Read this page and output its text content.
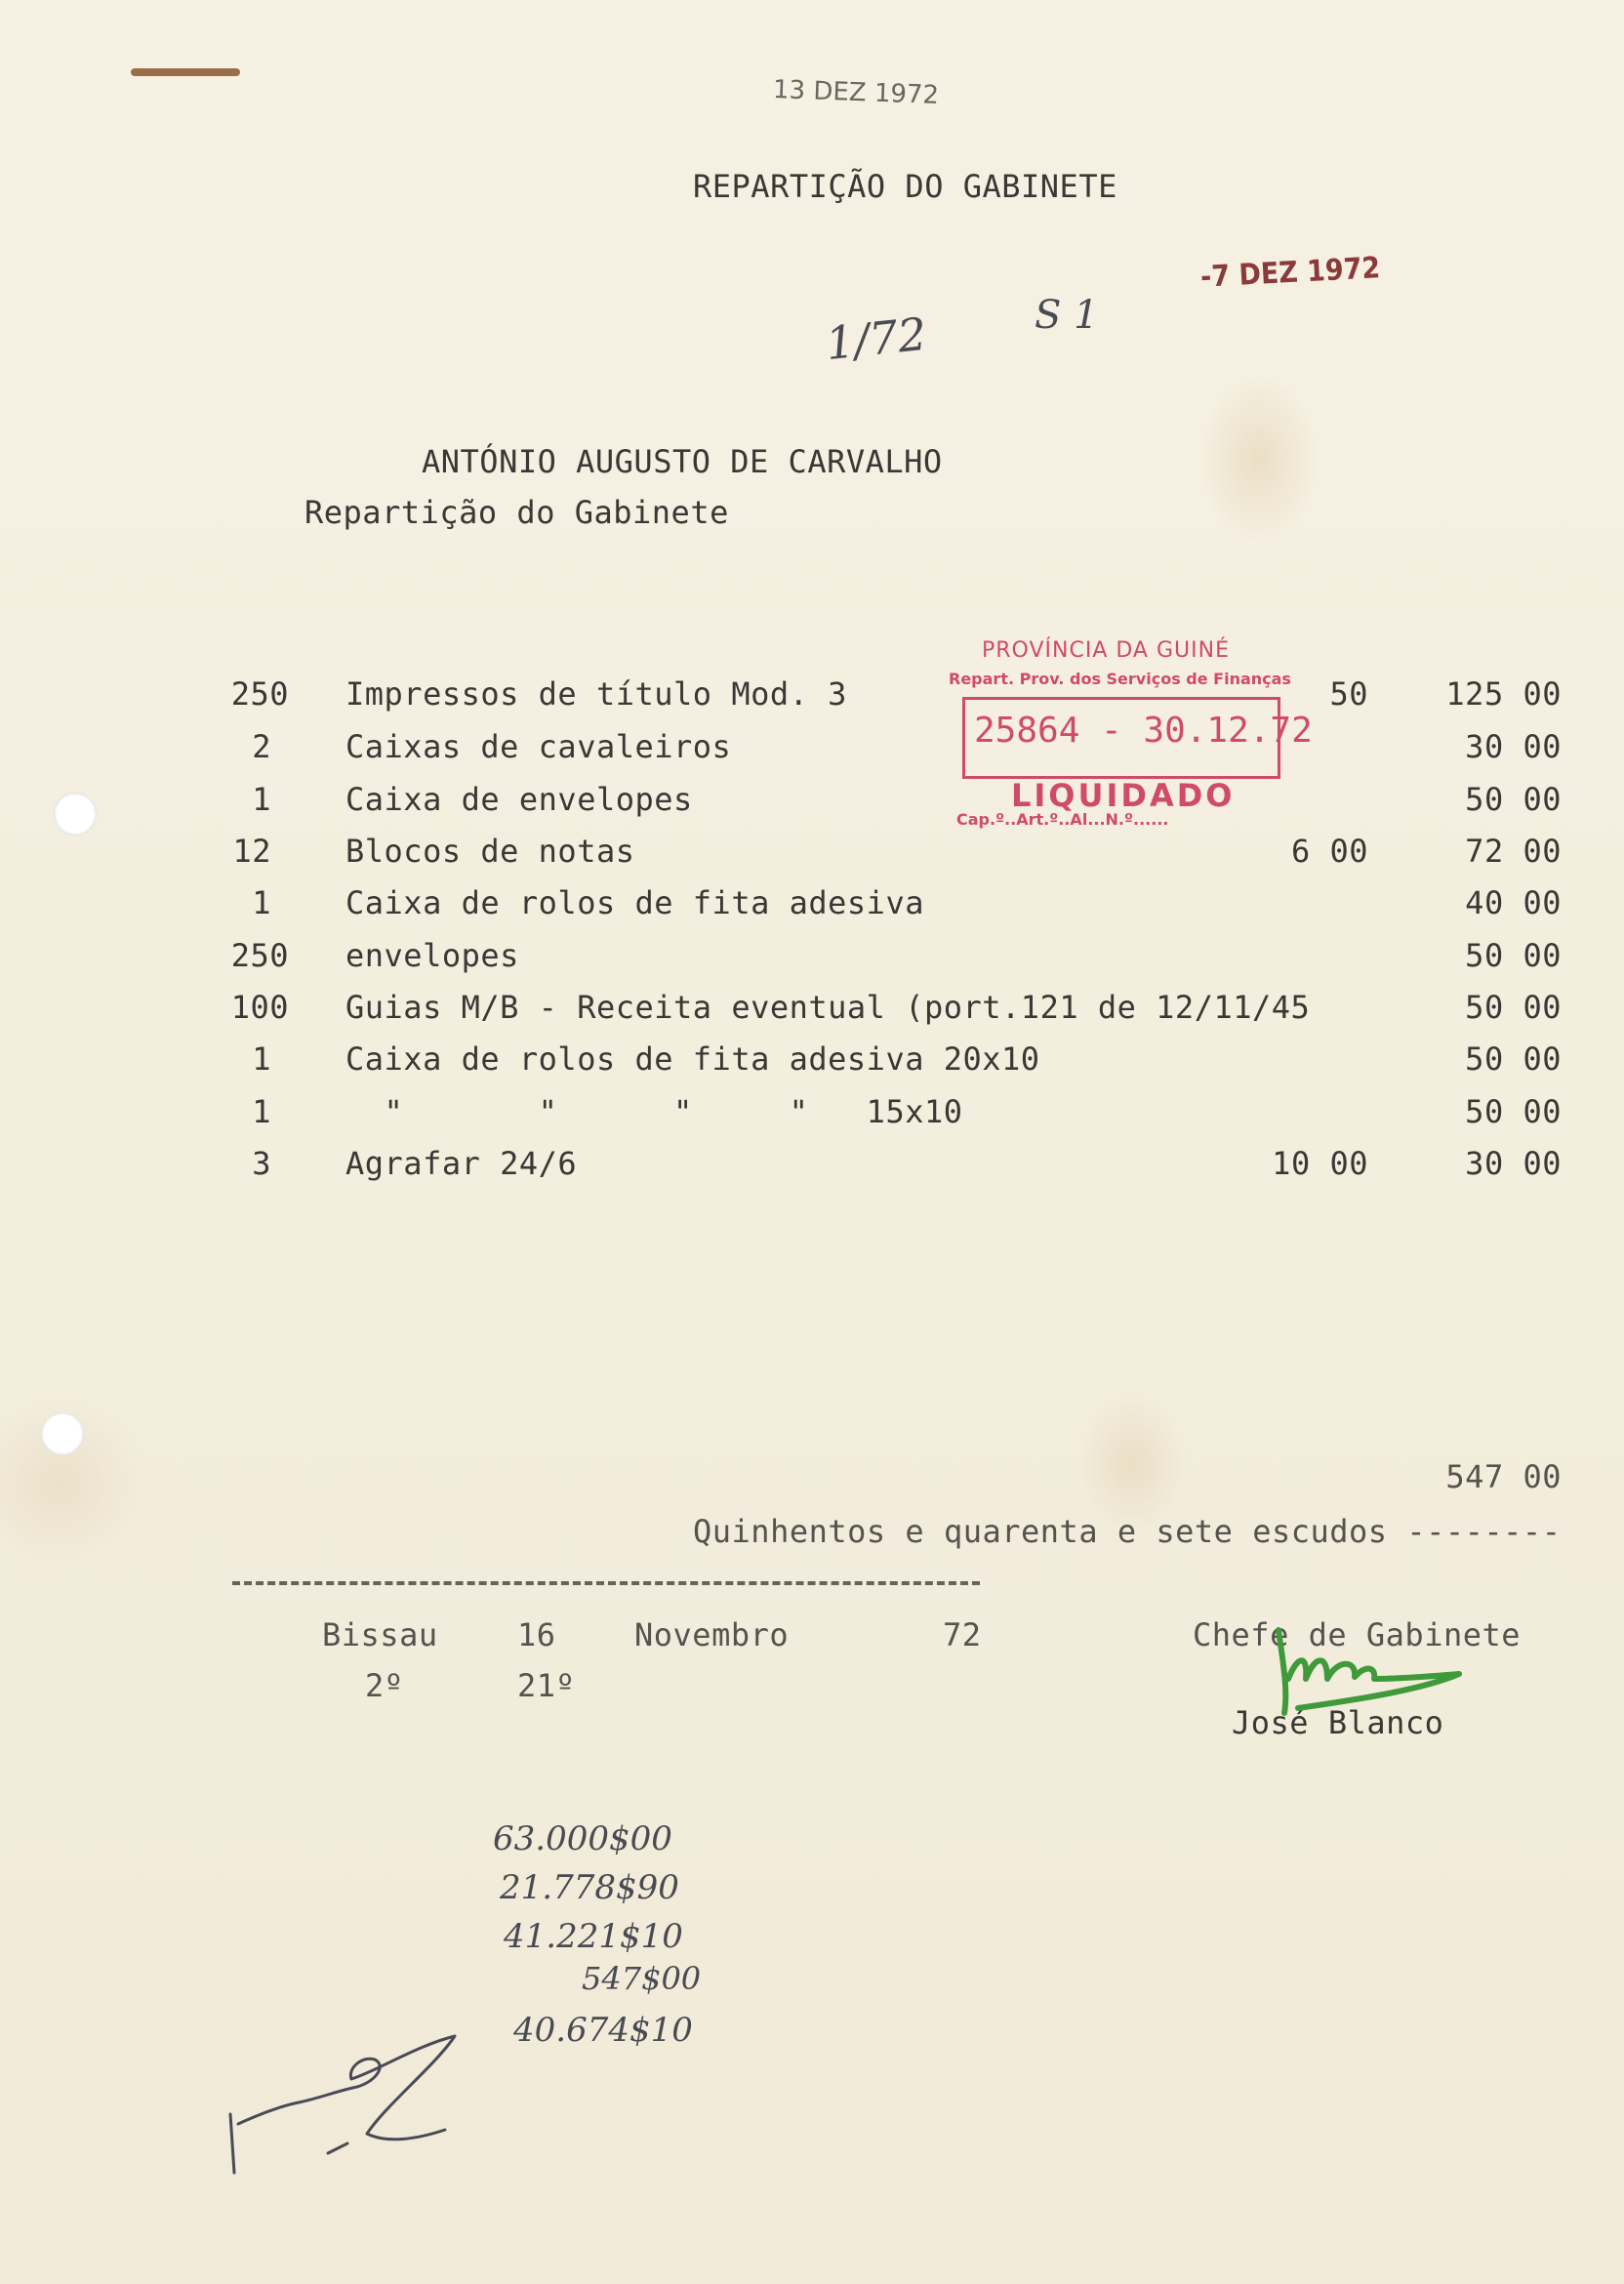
13 DEZ 1972
REPARTIÇÃO DO GABINETE
-7 DEZ 1972
1/72	S 1
ANTÓNIO AUGUSTO DE CARVALHO
Repartição do Gabinete
PROVÍNCIA DA GUINÉ
Repart. Prov. dos Serviços de Finanças
25864 - 30.12.72
LIQUIDADO
Cap.º..Art.º..Al...N.º......
250 Impressos de título Mod. 3	50	125 00
2 Caixas de cavaleiros	30 00
1 Caixa de envelopes	50 00
12 Blocos de notas	6 00	72 00
1 Caixa de rolos de fita adesiva	40 00
250 envelopes	50 00
100 Guias M/B - Receita eventual (port.121 de 12/11/45	50 00
1 Caixa de rolos de fita adesiva 20x10	50 00
1 "       "      "     "   15x10	50 00
3 Agrafar 24/6	10 00	30 00
547 00
Quinhentos e quarenta e sete escudos --------
Bissau	16	Novembro	72	Chefe de Gabinete
2º	21º
José Blanco
63.000$00
21.778$90
41.221$10
547$00
40.674$10
